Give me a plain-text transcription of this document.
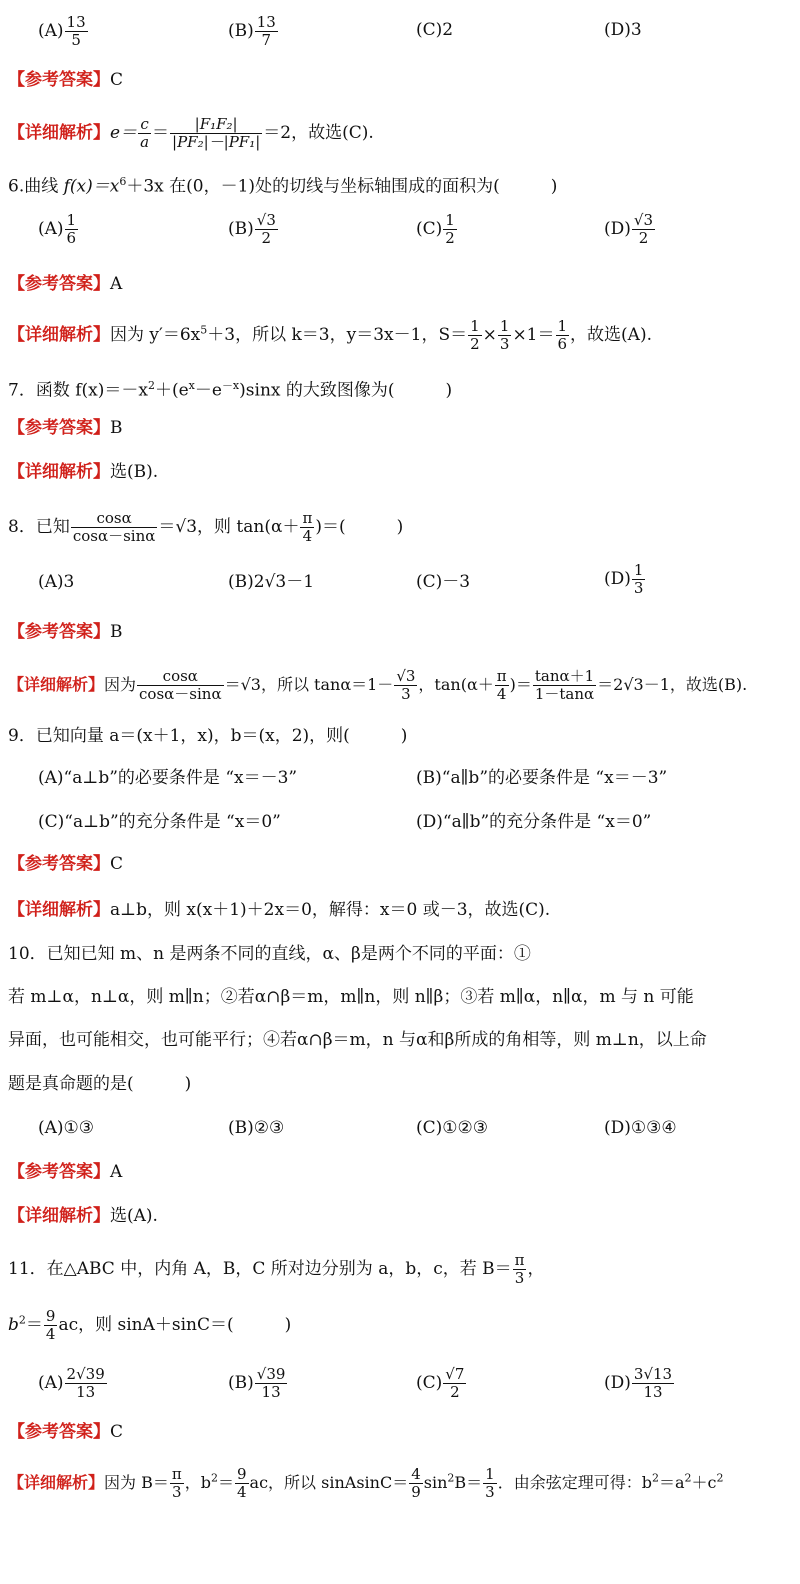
$(A) \frac{13}{5}$	$(B) \frac{13}{7}$	(C)2	(D)3
【参考答案】C
【详细解析】$e= \frac{c}{a} = \frac{\text{|F₁F₂|}}{\text{|PF₂|－|PF₁|}} =2$，故选(C).
6.曲线 $f(x)=x^6+3x$ 在(0，－1)处的切线与坐标轴围成的面积为(　　　)
$(A) \frac{1}{6}$	$(B) \frac{√3}{2}$	$(C) \frac{1}{2}$	$(D) \frac{√3}{2}$
【参考答案】A
【详细解析】因为 $y'=6x^5+3$，所以 k＝3，y＝3x－1，$S= \frac{1}{2} \times \frac{1}{3} \times 1= \frac{1}{6}$ ，故选(A).
7．函数 $f(x)=-x^2+(e^x-e^{-x})\sin x$ 的大致图像为(　　　)
【参考答案】B
【详细解析】选(B).
8．已知 $\frac{\cos\alpha}{\cos\alpha-\sin\alpha} =√3$，则 $\tan(\alpha+ \frac{\pi}{4}$ )＝(　　　)
(A)3	(B)2√3－1	(C)－3	$(D) \frac{1}{3}$
【参考答案】B
【详细解析】因为 $\frac{\cos\alpha}{\cos\alpha-\sin\alpha} =√3$，所以 $\tan\alpha=1- \frac{√3}{3}$ ，$\tan(\alpha+ \frac{\pi}{4}$ )＝ $\frac{\tan\alpha+1}{1-\tan\alpha} =2√3-1$，故选(B).
9．已知向量 a＝(x＋1，x)，b＝(x，2)，则(　　　)
(A)“a⊥b”的必要条件是 “x＝－3”	(B)“a∥b”的必要条件是 “x＝－3”
(C)“a⊥b”的充分条件是 “x＝0”	(D)“a∥b”的充分条件是 “x＝0”
【参考答案】C
【详细解析】a⊥b，则 x(x＋1)＋2x＝0，解得：x＝0 或－3，故选(C).
10．已知已知 m、n 是两条不同的直线，α、β是两个不同的平面：①
若 m⊥α，n⊥α，则 m∥n；②若α∩β＝m，m∥n，则 n∥β；③若 m∥α，n∥α，m 与 n 可能
异面，也可能相交，也可能平行；④若α∩β＝m，n 与α和β所成的角相等，则 m⊥n，以上命
题是真命题的是(　　　)
(A)①③	(B)②③	(C)①②③	(D)①③④
【参考答案】A
【详细解析】选(A).
11．在△ABC 中，内角 A，B，C 所对边分别为 a，b，c，若 $B= \frac{\pi}{3}$ ，
$b^2= \frac{9}{4}$ ac，则 sinA＋sinC＝(　　　)
$(A) \frac{2√39}{13}$	$(B) \frac{√39}{13}$	$(C) \frac{√7}{2}$	$(D) \frac{3√13}{13}$
【参考答案】C
【详细解析】因为 $B= \frac{\pi}{3}$ ，$b^2= \frac{9}{4}$ ac，所以 sinAsinC＝ $\frac{4}{9} \sin^2B= \frac{1}{3}$ ．由余弦定理可得：$b^2=a^2+c^2$
